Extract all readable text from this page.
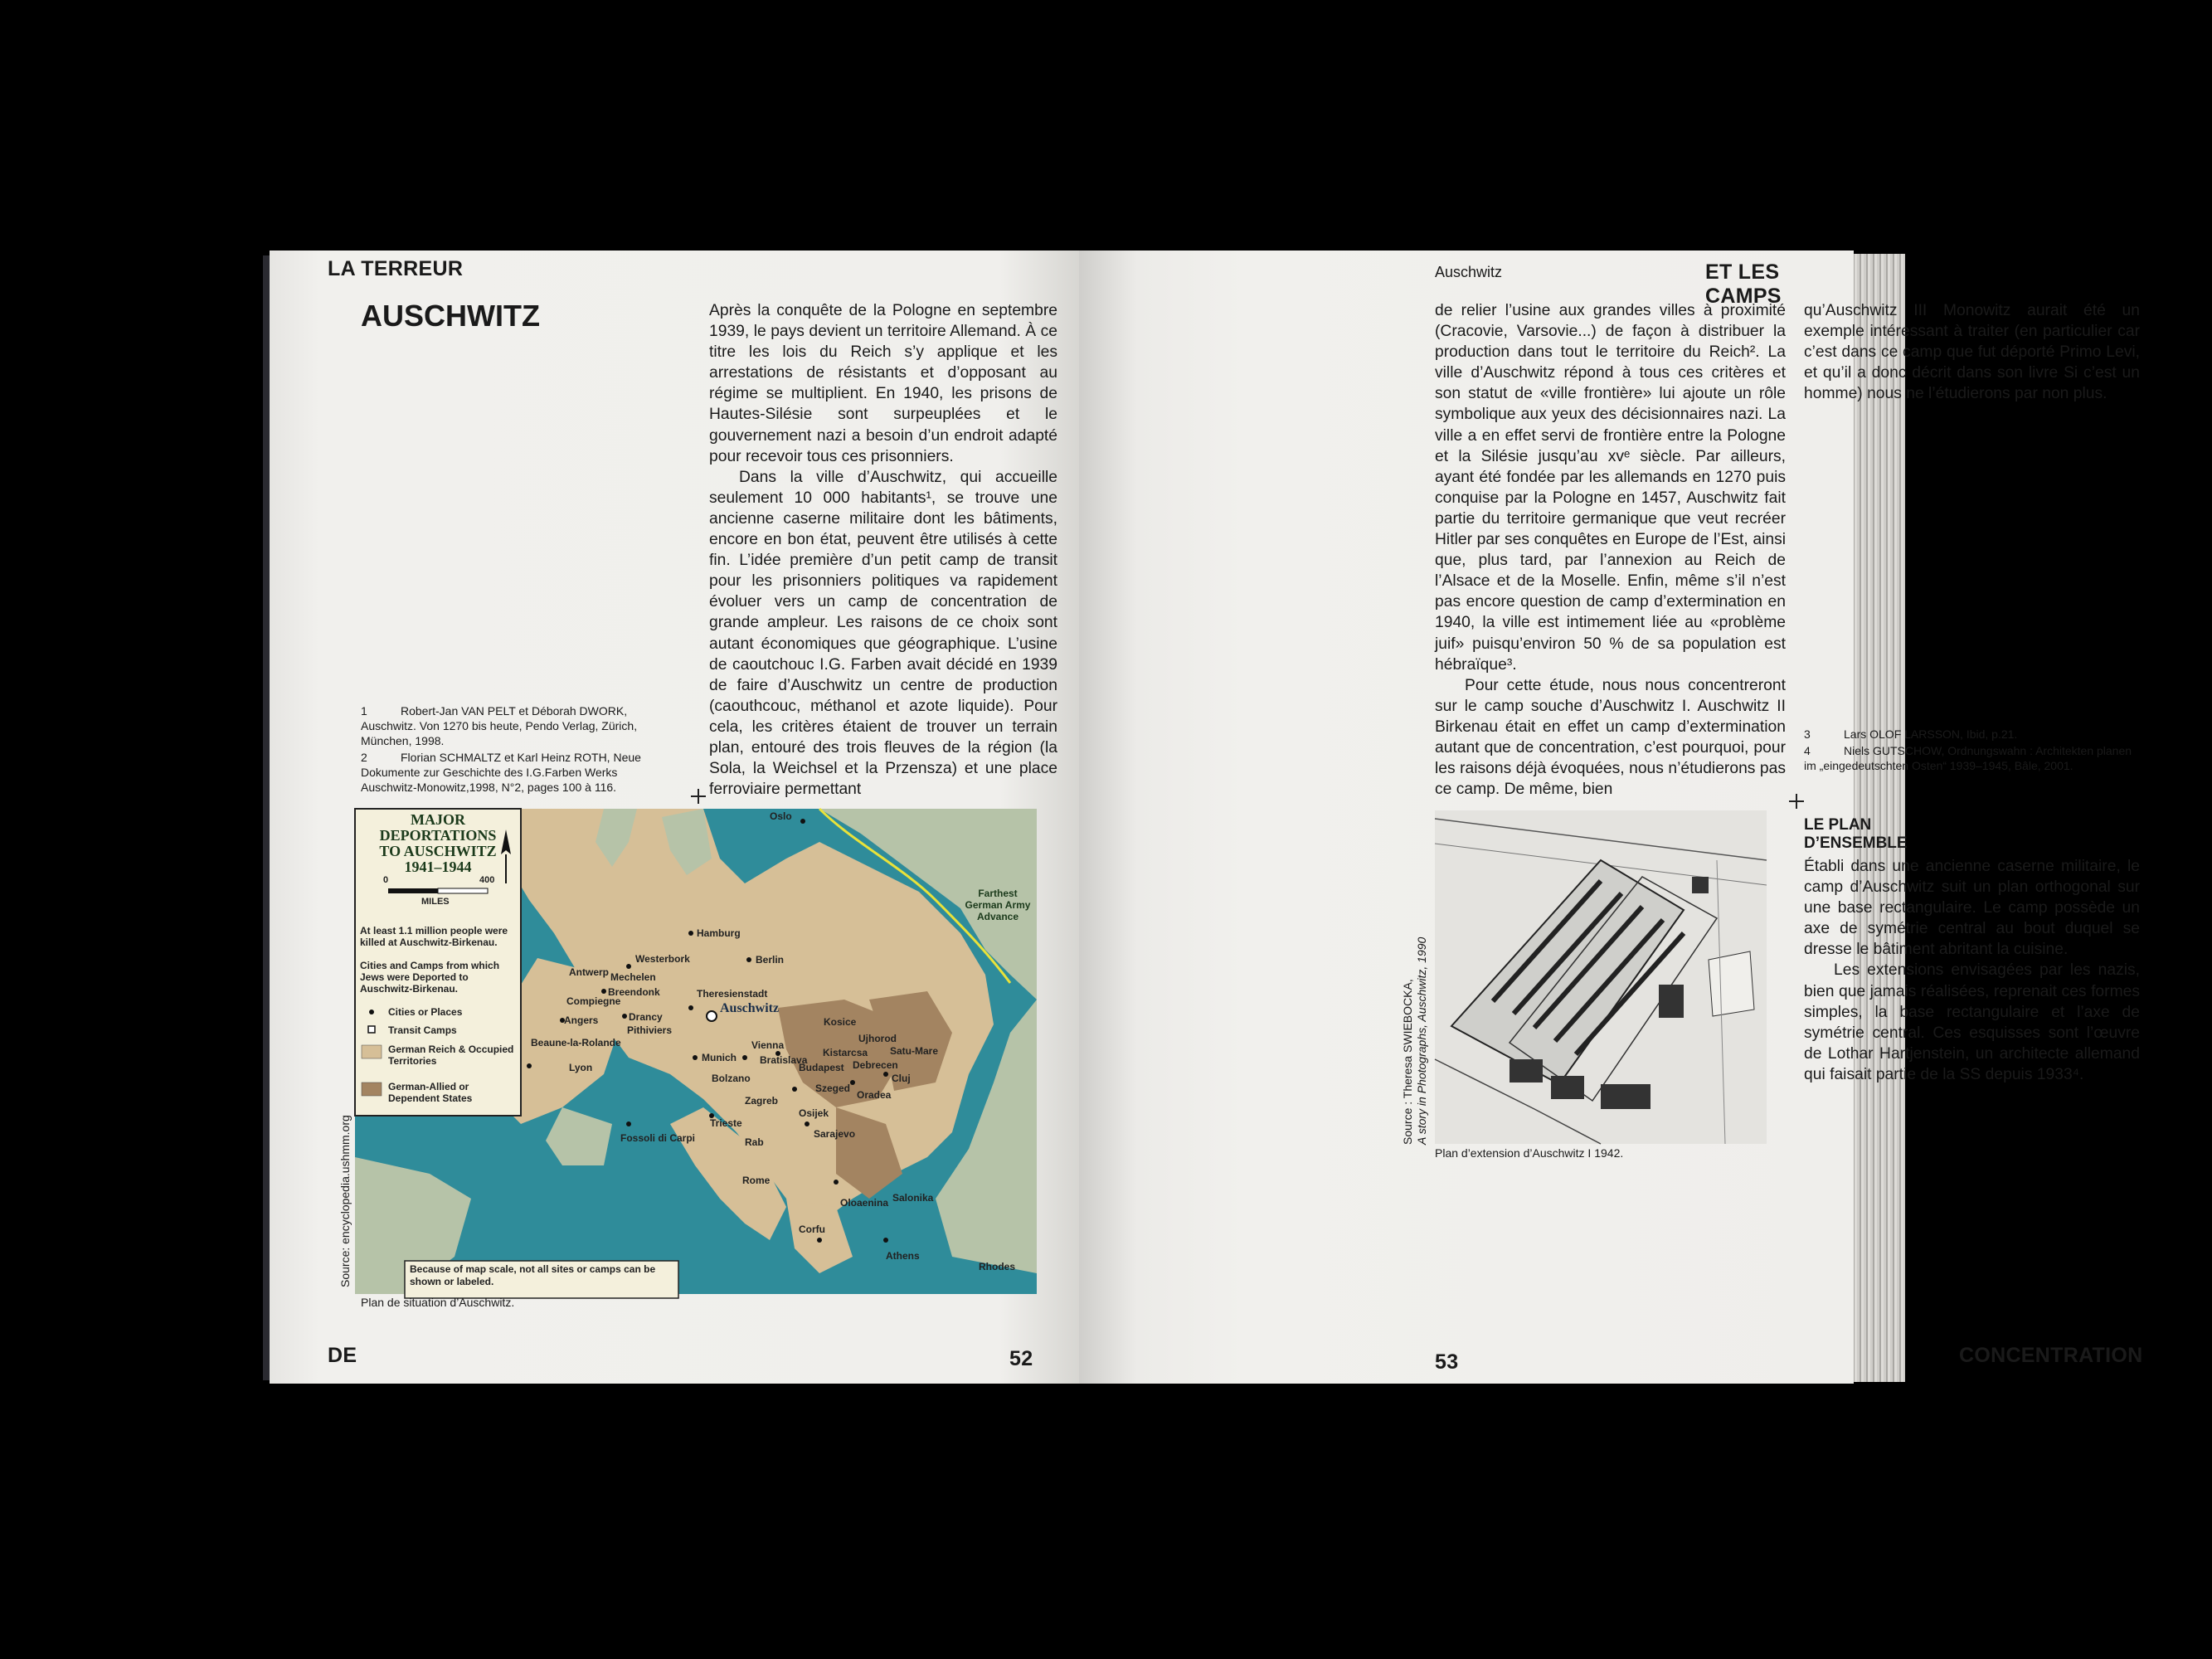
LA TERREUR
AUSCHWITZ	Après la conquête de la Pologne en septembre 1939, le pays devient un territoire Allemand. À ce titre les lois du Reich s’y applique et les arrestations de résistants et d’opposant au régime se multiplient. En 1940, les prisons de Hautes-Silésie sont surpeuplées et le gouvernement nazi a besoin d’un endroit adapté pour recevoir tous ces prisonniers.

Dans la ville d’Auschwitz, qui accueille seulement 10 000 habitants¹, se trouve une ancienne caserne militaire dont les bâtiments, encore en bon état, peuvent être utilisés à cette fin. L’idée première d’un petit camp de transit pour les prisonniers politiques va rapidement évoluer vers un camp de concentration de grande ampleur. Les raisons de ce choix sont autant économiques que géographique. L’usine de caoutchouc I.G. Farben avait décidé en 1939 de faire d’Auschwitz un centre de production (caouthcouc, méthanol et azote liquide). Pour cela, les critères étaient de trouver un terrain plan, entouré des trois fleuves de la région (la Sola, la Weichsel et la Przensza) et une place ferroviaire permettant

1	Robert-Jan VAN PELT et Déborah DWORK, Auschwitz. Von 1270 bis heute, Pendo Verlag, Zürich, München, 1998.
2	Florian SCHMALTZ et Karl Heinz ROTH, Neue Dokumente zur Geschichte des I.G.Farben Werks Auschwitz-Monowitz,1998, N°2, pages 100 à 116.
MAJOR
DEPORTATIONS
TO AUSCHWITZ
1941–1944
0	400
MILES
At least 1.1 million people were killed at Auschwitz-Birkenau.
Cities and Camps from which Jews were Deported to Auschwitz-Birkenau.
Cities or Places
Transit Camps
German Reich & Occupied Territories
German-Allied or Dependent States
Because of map scale, not all sites or camps can be shown or labeled.
Farthest German Army Advance
Auschwitz
Oslo
Hamburg
Berlin
Westerbork
Mechelen
Breendonk
Antwerp
Theresienstadt
Compiegne
Drancy
Pithiviers
Angers
Beaune-la-Rolande
Lyon
Munich
Vienna
Bratislava
Ujhorod
Kistarcsa
Budapest Debrecen
Satu-Mare
Cluj
Oradea
Szeged
Bolzano
Fossoli di Carpi
Trieste
Zagreb
Osijek
Sarajevo
Rome
Corfu
Oloaenina Salonika
Athens
Rhodes
Rab
Kosice
Source: encyclopedia.ushmm.org
Plan de situation d’Auschwitz.
DE	52
Auschwitz	ET LES CAMPS

de relier l’usine aux grandes villes à proximité (Cracovie, Varsovie...) de façon à distribuer la production dans tout le territoire du Reich². La ville d’Auschwitz répond à tous ces critères et son statut de «ville frontière» lui ajoute un rôle symbolique aux yeux des décisionnaires nazi. La ville a en effet servi de frontière entre la Pologne et la Silésie jusqu’au xvᵉ siècle. Par ailleurs, ayant été fondée par les allemands en 1270 puis conquise par la Pologne en 1457, Auschwitz fait partie du territoire germanique que veut recréer Hitler par ses conquêtes en Europe de l’Est, ainsi que, plus tard, par l’annexion au Reich de l’Alsace et de la Moselle. Enfin, même s’il n’est pas encore question de camp d’extermination en 1940, la ville est intimement liée au «problème juif» puisqu’environ 50 % de sa population est hébraïque³.

Pour cette étude, nous nous concentreront sur le camp souche d’Auschwitz I. Auschwitz II Birkenau était en effet un camp d’extermination autant que de concentration, c’est pourquoi, pour les raisons déjà évoquées, nous n’étudierons pas ce camp. De même, bien

qu’Auschwitz III Monowitz aurait été un exemple intéressant à traiter (en particulier car c’est dans ce camp que fut déporté Primo Levi, et qu’il a donc décrit dans son livre Si c’est un homme) nous ne l’étudierons par non plus.

3	Lars OLOF LARSSON, Ibid, p.21.
4	Niels GUTSCHOW, Ordnungswahn : Architekten planen im „eingedeutschten Osten“ 1939–1945, Bâle, 2001.
Source : Theresa SWIEBOCKA, A story in Photographs, Auschwitz, 1990
Plan d’extension d’Auschwitz I 1942.
LE PLAN D’ENSEMBLE

Établi dans une ancienne caserne militaire, le camp d’Auschwitz suit un plan orthogonal sur une base rectangulaire. Le camp possède un axe de symétrie central au bout duquel se dresse le bâtiment abritant la cuisine.

Les extensions envisagées par les nazis, bien que jamais réalisées, reprenait ces formes simples, la base rectangulaire et l’axe de symétrie central. Ces esquisses sont l’œuvre de Lothar Hartjenstein, un architecte allemand qui faisait partie de la SS depuis 1933⁴.

53	CONCENTRATION
